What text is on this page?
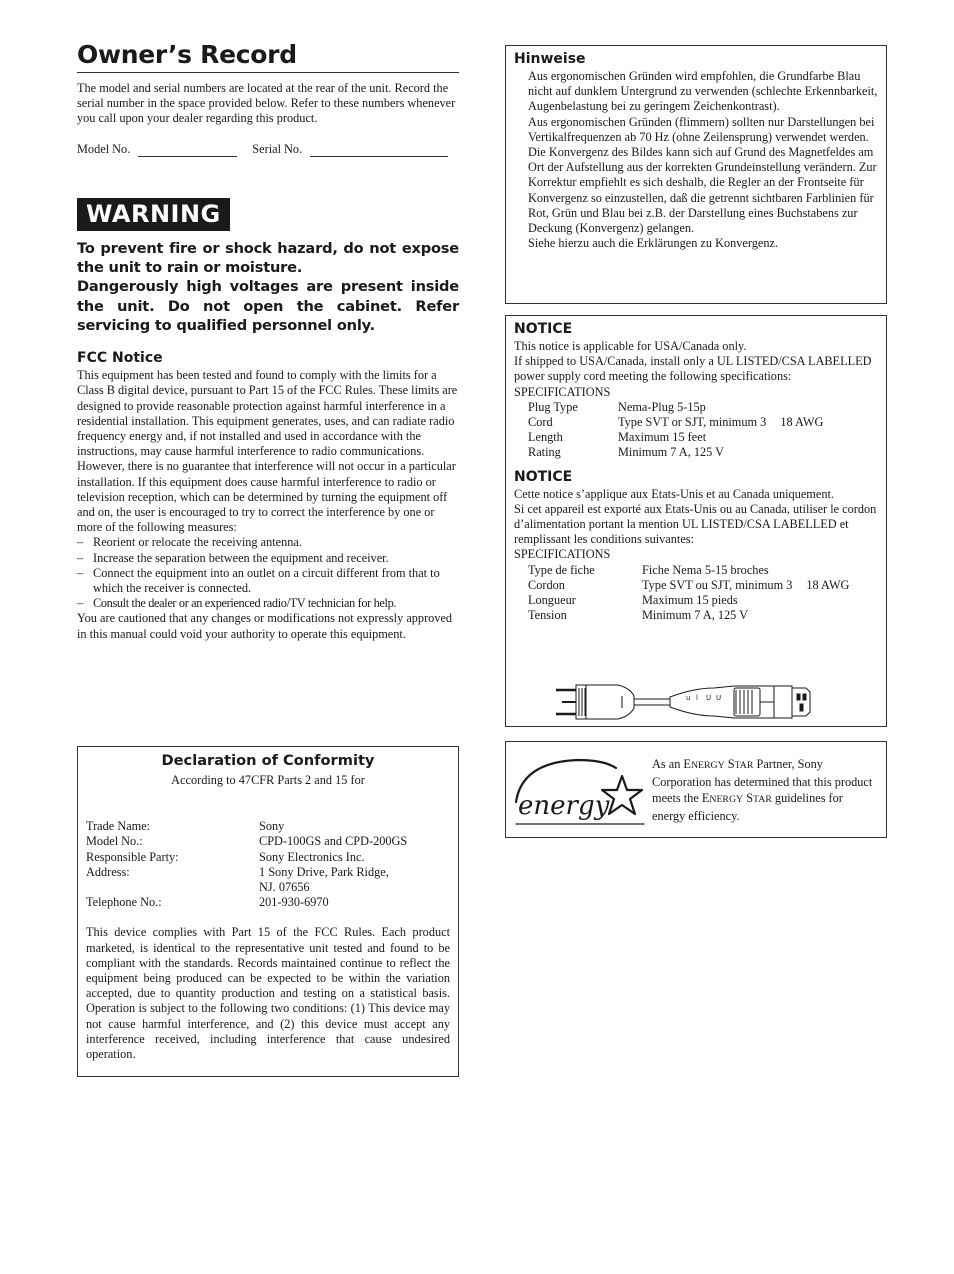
Owner’s Record

The model and serial numbers are located at the rear of the unit. Record the serial number in the space provided below. Refer to these numbers whenever you call upon your dealer regarding this product.

Model No.	Serial No.
WARNING
To prevent fire or shock hazard, do not expose the unit to rain or moisture.
Dangerously high voltages are present inside the unit. Do not open the cabinet. Refer servicing to qualified personnel only.
FCC Notice

This equipment has been tested and found to comply with the limits for a Class B digital device, pursuant to Part 15 of the FCC Rules. These limits are designed to provide reasonable protection against harmful interference in a residential installation. This equipment generates, uses, and can radiate radio frequency energy and, if not installed and used in accordance with the instructions, may cause harmful interference to radio communications. However, there is no guarantee that interference will not occur in a particular installation. If this equipment does cause harmful interference to radio or television reception, which can be determined by turning the equipment off and on, the user is encouraged to try to correct the interference by one or more of the following measures:

– Reorient or relocate the receiving antenna.
– Increase the separation between the equipment and receiver.
– Connect the equipment into an outlet on a circuit different from that to which the receiver is connected.
– Consult the dealer or an experienced radio/TV technician for help.

You are cautioned that any changes or modifications not expressly approved in this manual could void your authority to operate this equipment.

Declaration of Conformity

According to 47CFR Parts 2 and 15 for

Trade Name:	Sony
Model No.:	CPD-100GS and CPD-200GS
Responsible Party:	Sony Electronics Inc.
Address:	1 Sony Drive, Park Ridge,
NJ. 07656
Telephone No.:	201-930-6970

This device complies with Part 15 of the FCC Rules. Each product marketed, is identical to the representative unit tested and found to be compliant with the standards. Records maintained continue to reflect the equipment being produced can be expected to be within the variation accepted, due to quantity production and testing on a statistical basis. Operation is subject to the following two conditions: (1) This device may not cause harmful interference, and (2) this device must accept any interference received, including interference that cause undesired operation.

Hinweise

Aus ergonomischen Gründen wird empfohlen, die Grundfarbe Blau nicht auf dunklem Untergrund zu verwenden (schlechte Erkennbarkeit, Augenbelastung bei zu geringem Zeichenkontrast).

Aus ergonomischen Gründen (flimmern) sollten nur Darstellungen bei Vertikalfrequenzen ab 70 Hz (ohne Zeilensprung) verwendet werden.

Die Konvergenz des Bildes kann sich auf Grund des Magnetfeldes am Ort der Aufstellung aus der korrekten Grundeinstellung verändern. Zur Korrektur empfiehlt es sich deshalb, die Regler an der Frontseite für Konvergenz so einzustellen, daß die getrennt sichtbaren Farblinien für Rot, Grün und Blau bei z.B. der Darstellung eines Buchstabens zur Deckung (Konvergenz) gelangen.

Siehe hierzu auch die Erklärungen zu Konvergenz.

NOTICE

This notice is applicable for USA/Canada only.

If shipped to USA/Canada, install only a UL LISTED/CSA LABELLED power supply cord meeting the following specifications:

SPECIFICATIONS

Plug Type	Nema-Plug 5-15p
Cord	Type SVT or SJT, minimum 3 18 AWG
Length	Maximum 15 feet
Rating	Minimum 7 A, 125 V
NOTICE

Cette notice s’applique aux Etats-Unis et au Canada uniquement.

Si cet appareil est exporté aux Etats-Unis ou au Canada, utiliser le cordon d’alimentation portant la mention UL LISTED/CSA LABELLED et remplissant les conditions suivantes:

SPECIFICATIONS

Type de fiche	Fiche Nema 5-15 broches
Cordon	Type SVT ou SJT, minimum 3 18 AWG
Longueur	Maximum 15 pieds
Tension	Minimum 7 A, 125 V
u l U U
energy
As an ENERGY STAR Partner, Sony Corporation has determined that this product meets the ENERGY STAR guidelines for energy efficiency.
